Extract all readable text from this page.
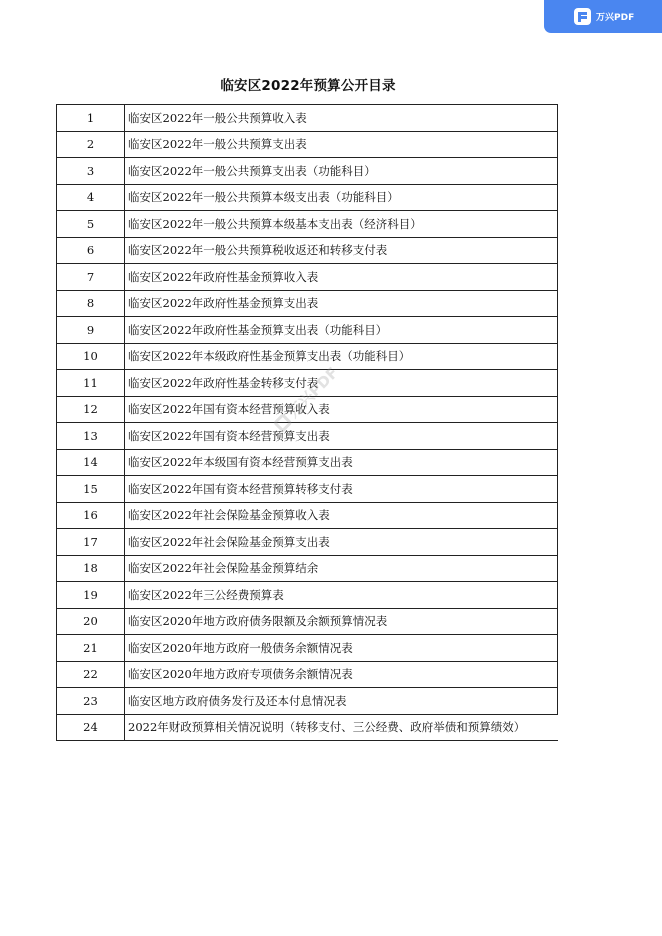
万兴PDF
临安区2022年预算公开目录
1	临安区2022年一般公共预算收入表
2	临安区2022年一般公共预算支出表
3	临安区2022年一般公共预算支出表（功能科目）
4	临安区2022年一般公共预算本级支出表（功能科目）
5	临安区2022年一般公共预算本级基本支出表（经济科目）
6	临安区2022年一般公共预算税收返还和转移支付表
7	临安区2022年政府性基金预算收入表
8	临安区2022年政府性基金预算支出表
9	临安区2022年政府性基金预算支出表（功能科目）
10	临安区2022年本级政府性基金预算支出表（功能科目）
11	临安区2022年政府性基金转移支付表
12	临安区2022年国有资本经营预算收入表
13	临安区2022年国有资本经营预算支出表
14	临安区2022年本级国有资本经营预算支出表
15	临安区2022年国有资本经营预算转移支付表
16	临安区2022年社会保险基金预算收入表
17	临安区2022年社会保险基金预算支出表
18	临安区2022年社会保险基金预算结余
19	临安区2022年三公经费预算表
20	临安区2020年地方政府债务限额及余额预算情况表
21	临安区2020年地方政府一般债务余额情况表
22	临安区2020年地方政府专项债务余额情况表
23	临安区地方政府债务发行及还本付息情况表
24	2022年财政预算相关情况说明（转移支付、三公经费、政府举债和预算绩效）
万兴PDF
